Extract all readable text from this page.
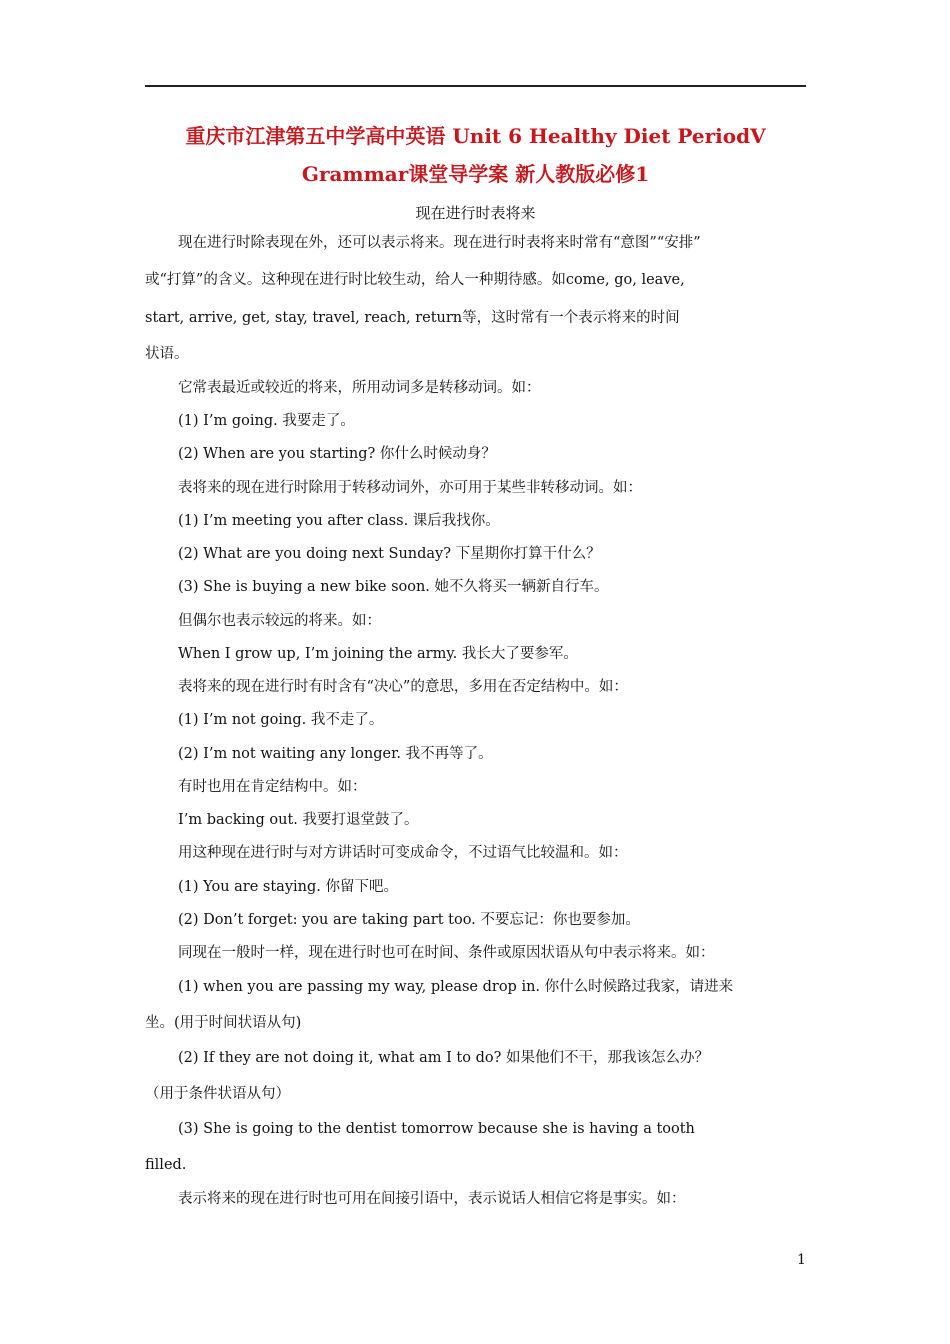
重庆市江津第五中学高中英语 Unit 6 Healthy Diet PeriodⅤ
Grammar课堂导学案 新人教版必修1
现在进行时表将来
现在进行时除表现在外，还可以表示将来。现在进行时表将来时常有“意图”“安排”
或“打算”的含义。这种现在进行时比较生动，给人一种期待感。如come, go, leave,
start, arrive, get, stay, travel, reach, return等，这时常有一个表示将来的时间
状语。
它常表最近或较近的将来，所用动词多是转移动词。如：
(1) I’m going. 我要走了。
(2) When are you starting? 你什么时候动身？
表将来的现在进行时除用于转移动词外，亦可用于某些非转移动词。如：
(1) I’m meeting you after class. 课后我找你。
(2) What are you doing next Sunday? 下星期你打算干什么？
(3) She is buying a new bike soon. 她不久将买一辆新自行车。
但偶尔也表示较远的将来。如：
When I grow up, I’m joining the army. 我长大了要参军。
表将来的现在进行时有时含有“决心”的意思，多用在否定结构中。如：
(1) I’m not going. 我不走了。
(2) I’m not waiting any longer. 我不再等了。
有时也用在肯定结构中。如：
I’m backing out. 我要打退堂鼓了。
用这种现在进行时与对方讲话时可变成命令，不过语气比较温和。如：
(1) You are staying. 你留下吧。
(2) Don’t forget: you are taking part too. 不要忘记：你也要参加。
同现在一般时一样，现在进行时也可在时间、条件或原因状语从句中表示将来。如：
(1) when you are passing my way, please drop in. 你什么时候路过我家，请进来
坐。(用于时间状语从句)
(2) If they are not doing it, what am I to do? 如果他们不干，那我该怎么办？
（用于条件状语从句）
(3) She is going to the dentist tomorrow because she is having a tooth
filled.
表示将来的现在进行时也可用在间接引语中，表示说话人相信它将是事实。如：
1
